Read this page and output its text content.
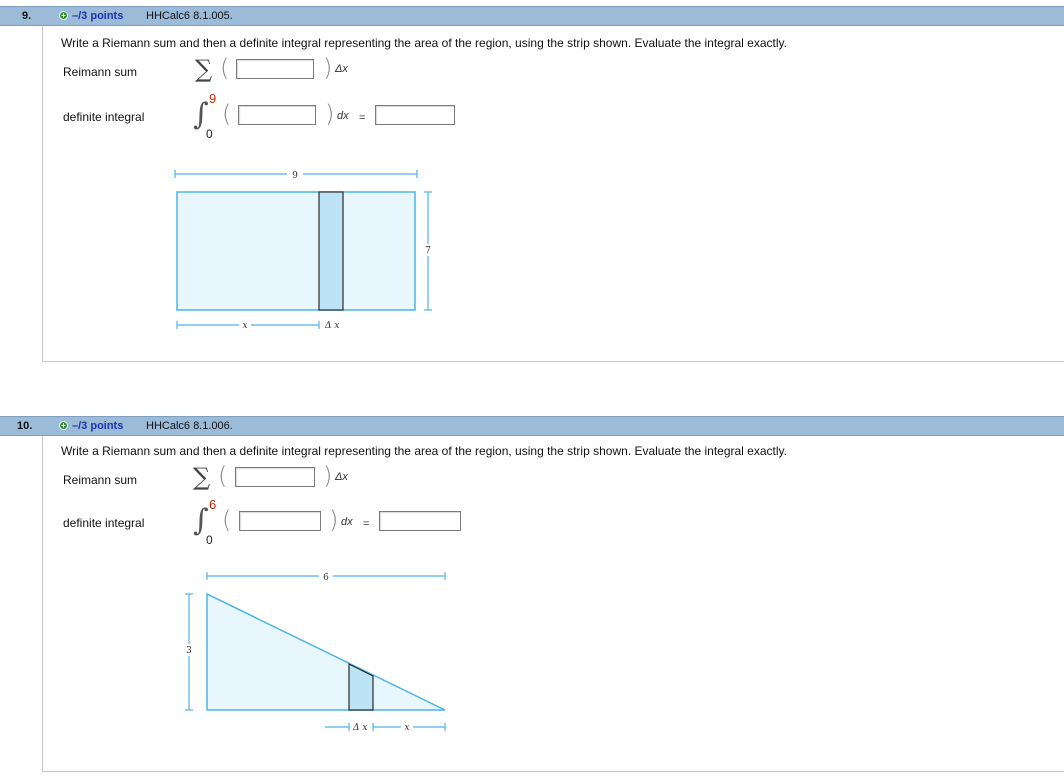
9.	+ –/3 points HHCalc6 8.1.005.
Write a Riemann sum and then a definite integral representing the area of the region, using the strip shown. Evaluate the integral exactly.
Reimann sum ∑ (	) Δx
definite integral ∫ 9
0
(	) dx =
9
7
x	Δ x
10.	+ –/3 points HHCalc6 8.1.006.
Write a Riemann sum and then a definite integral representing the area of the region, using the strip shown. Evaluate the integral exactly.
Reimann sum ∑ (	) Δx
definite integral ∫ 6
0
(	) dx =
6
3
Δ x	x
